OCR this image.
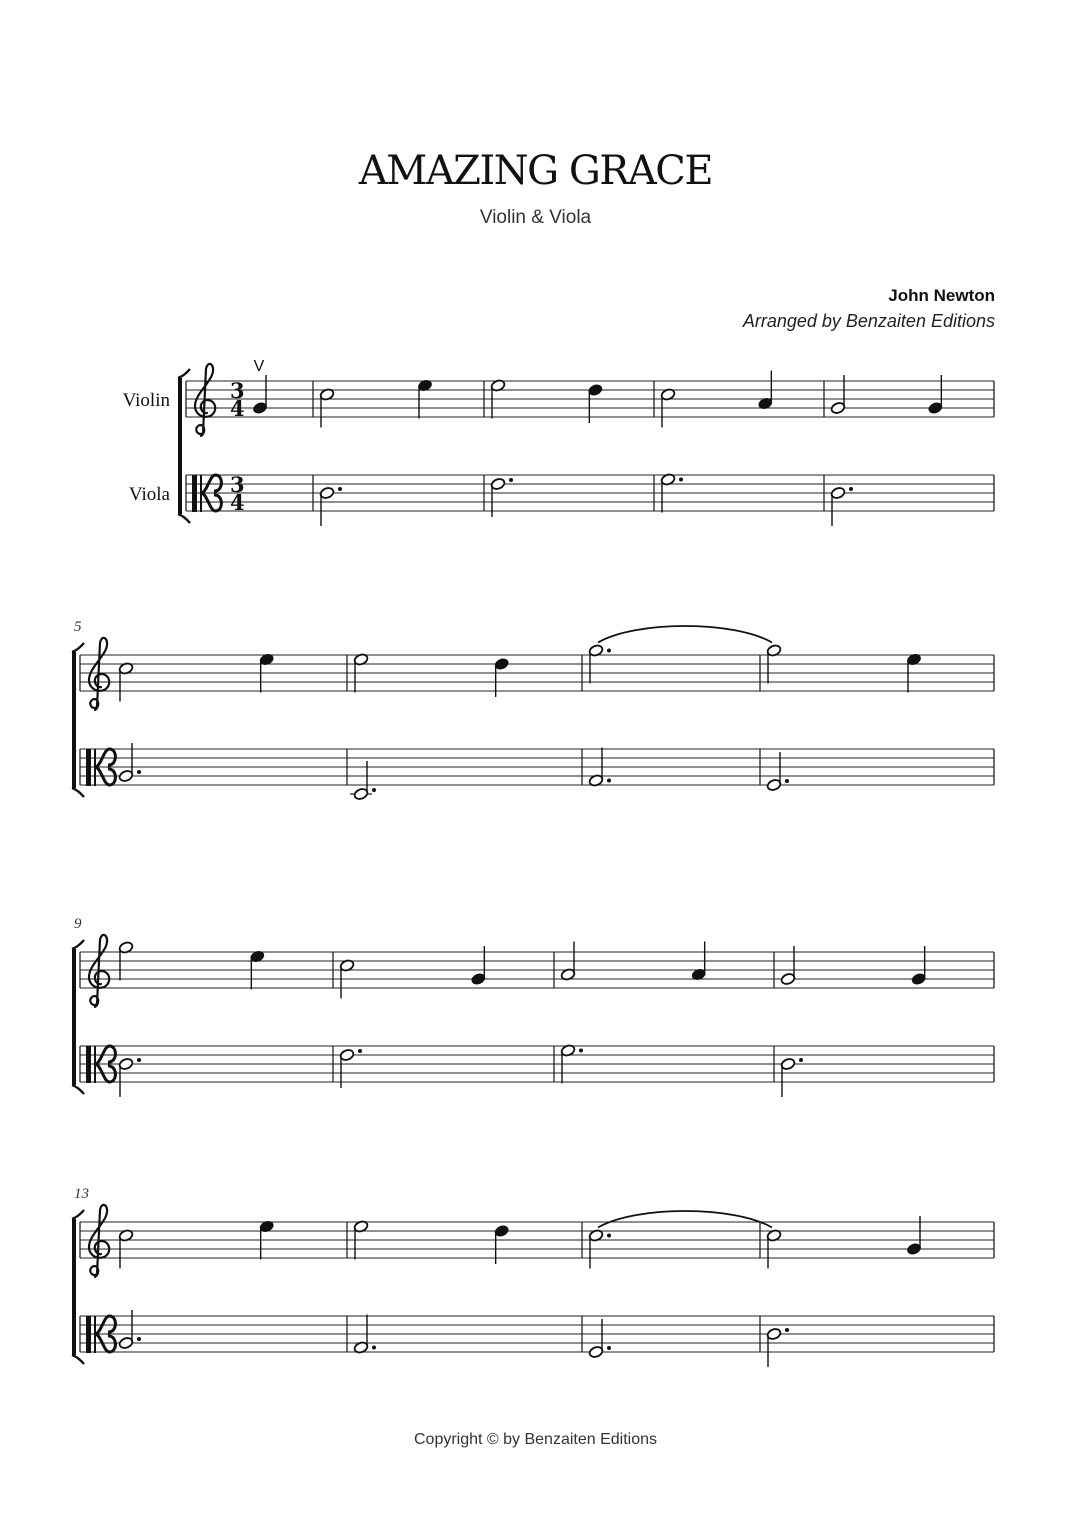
AMAZING GRACE
Violin & Viola
John Newton
Arranged by Benzaiten Editions
Violin
Viola
3
4
3
4
V
5
9
13
Copyright © by Benzaiten Editions
